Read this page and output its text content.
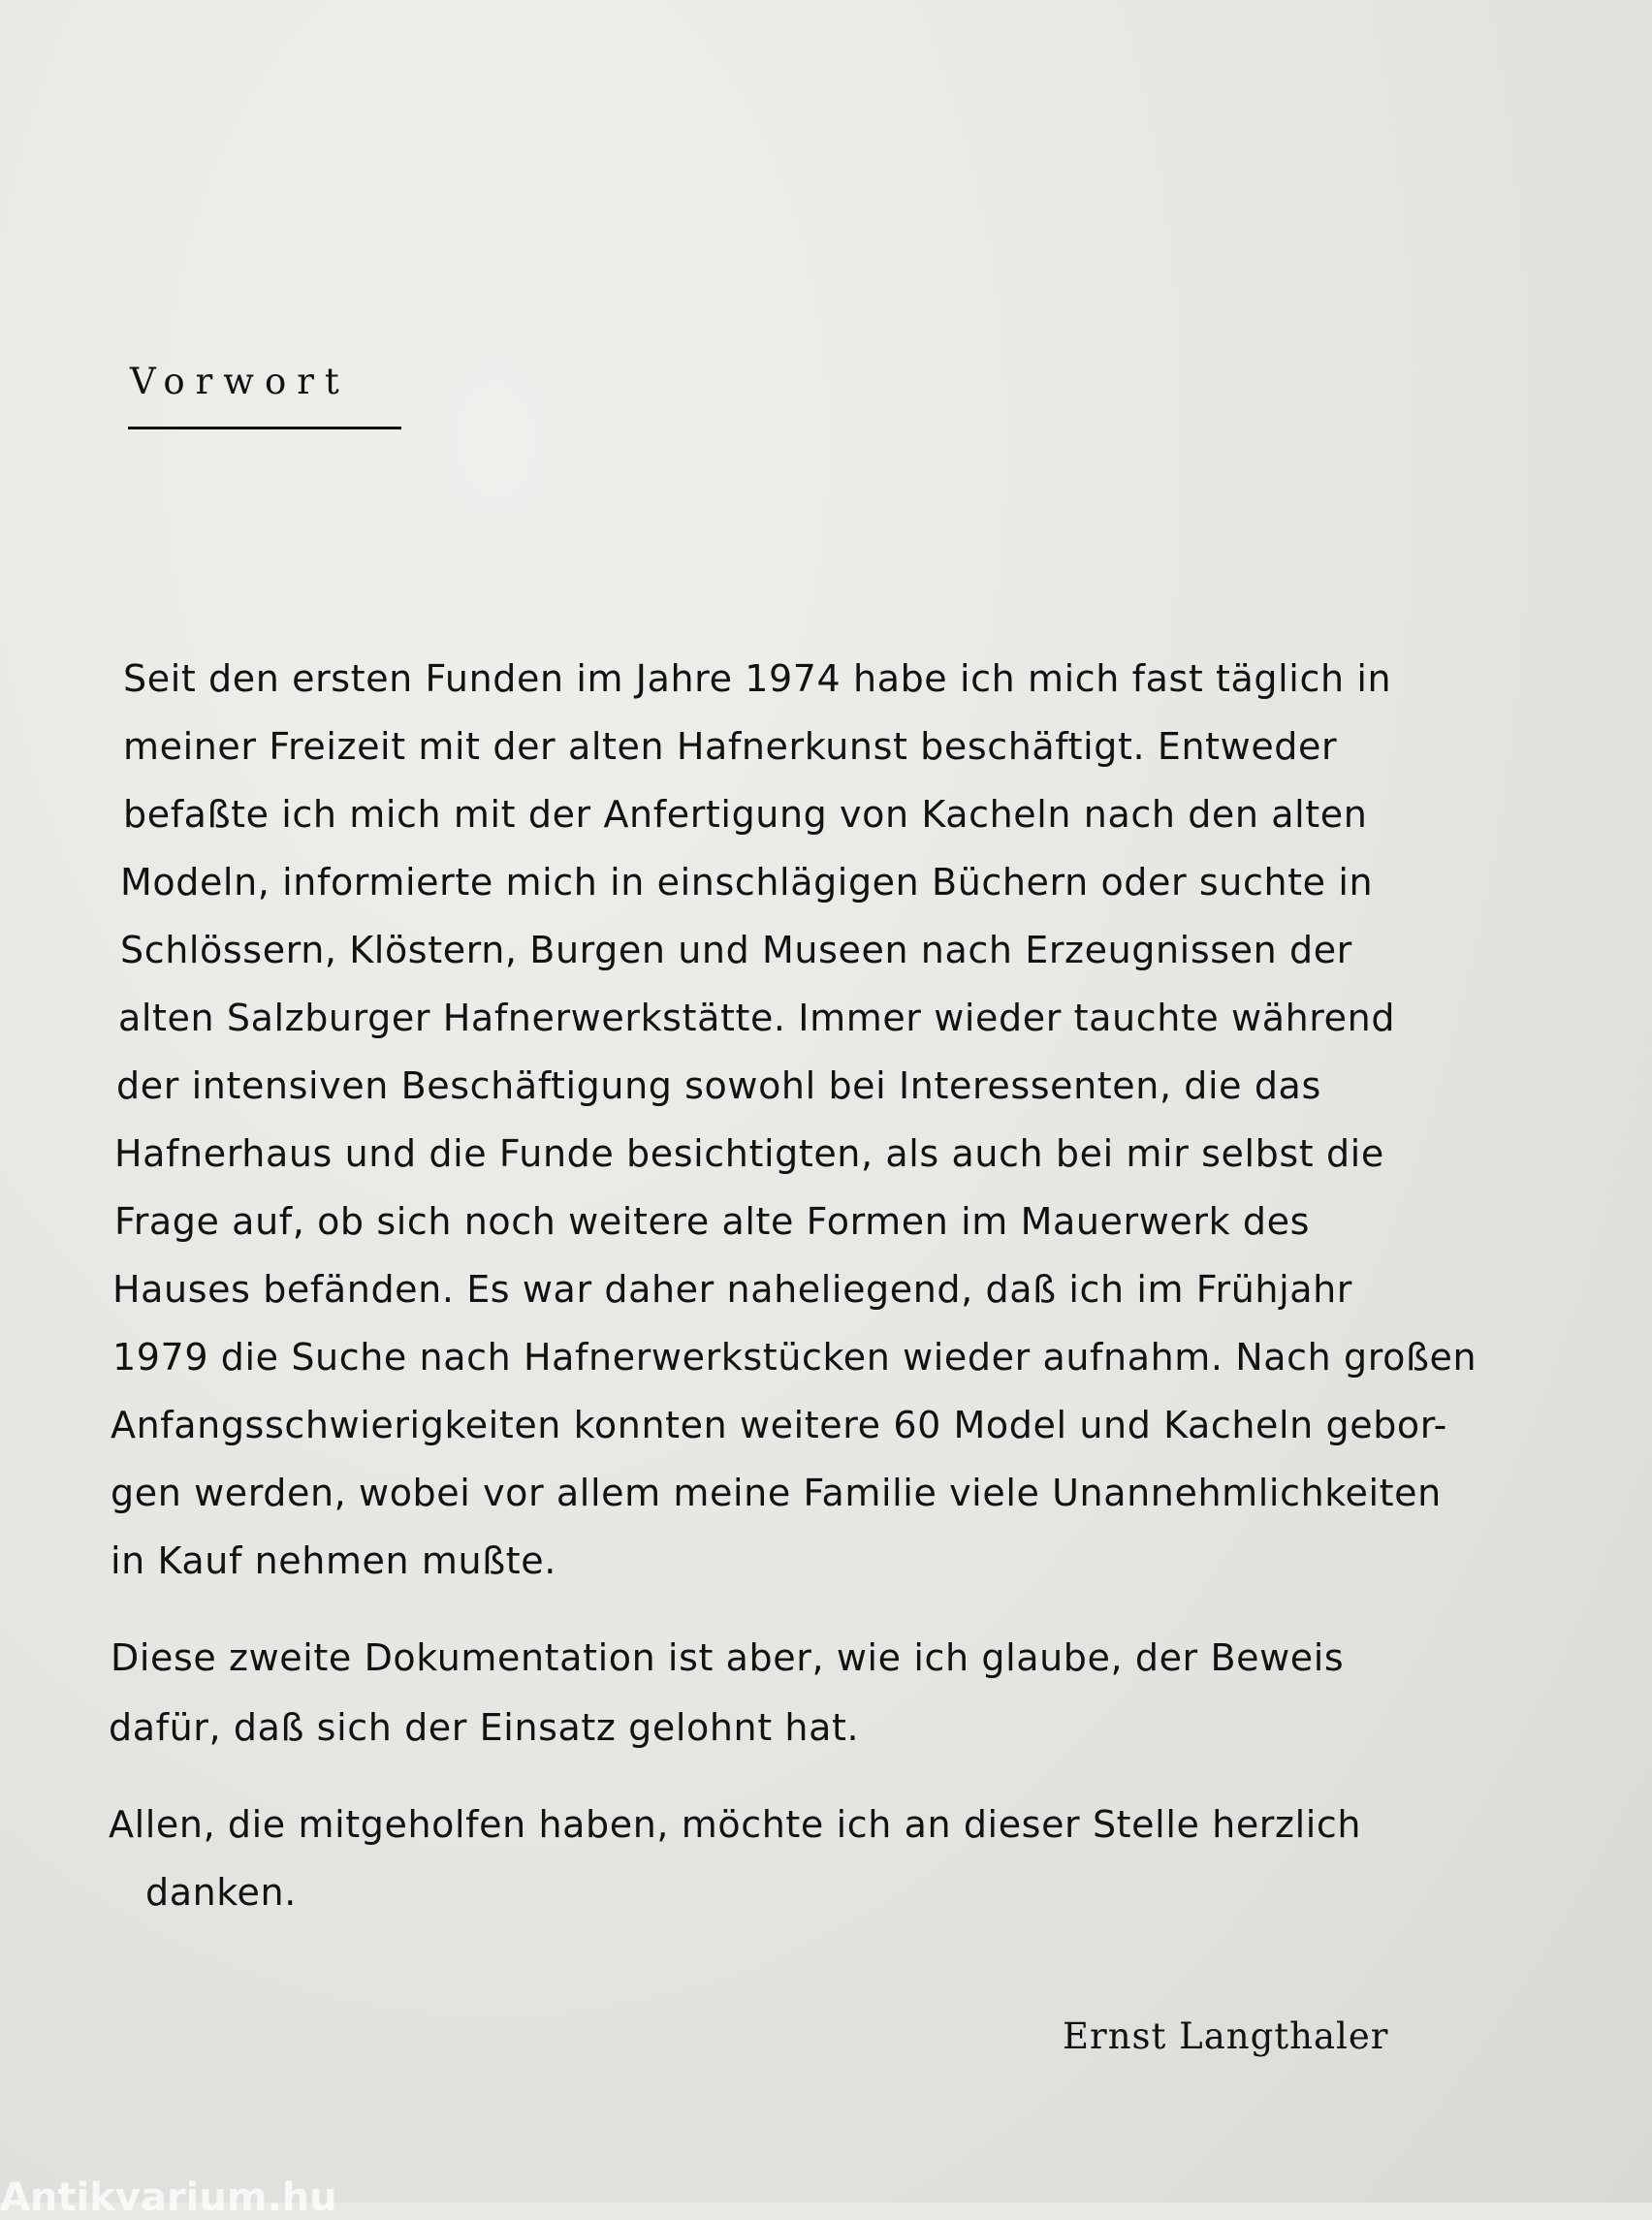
Vorwort
Seit den ersten Funden im Jahre 1974 habe ich mich fast täglich in
meiner Freizeit mit der alten Hafnerkunst beschäftigt. Entweder
befaßte ich mich mit der Anfertigung von Kacheln nach den alten
Modeln, informierte mich in einschlägigen Büchern oder suchte in
Schlössern, Klöstern, Burgen und Museen nach Erzeugnissen der
alten Salzburger Hafnerwerkstätte. Immer wieder tauchte während
der intensiven Beschäftigung sowohl bei Interessenten, die das
Hafnerhaus und die Funde besichtigten, als auch bei mir selbst die
Frage auf, ob sich noch weitere alte Formen im Mauerwerk des
Hauses befänden. Es war daher naheliegend, daß ich im Frühjahr
1979 die Suche nach Hafnerwerkstücken wieder aufnahm. Nach großen
Anfangsschwierigkeiten konnten weitere 60 Model und Kacheln gebor-
gen werden, wobei vor allem meine Familie viele Unannehmlichkeiten
in Kauf nehmen mußte.
Diese zweite Dokumentation ist aber, wie ich glaube, der Beweis
dafür, daß sich der Einsatz gelohnt hat.
Allen, die mitgeholfen haben, möchte ich an dieser Stelle herzlich
danken.
Ernst Langthaler
Antikvarium.hu
